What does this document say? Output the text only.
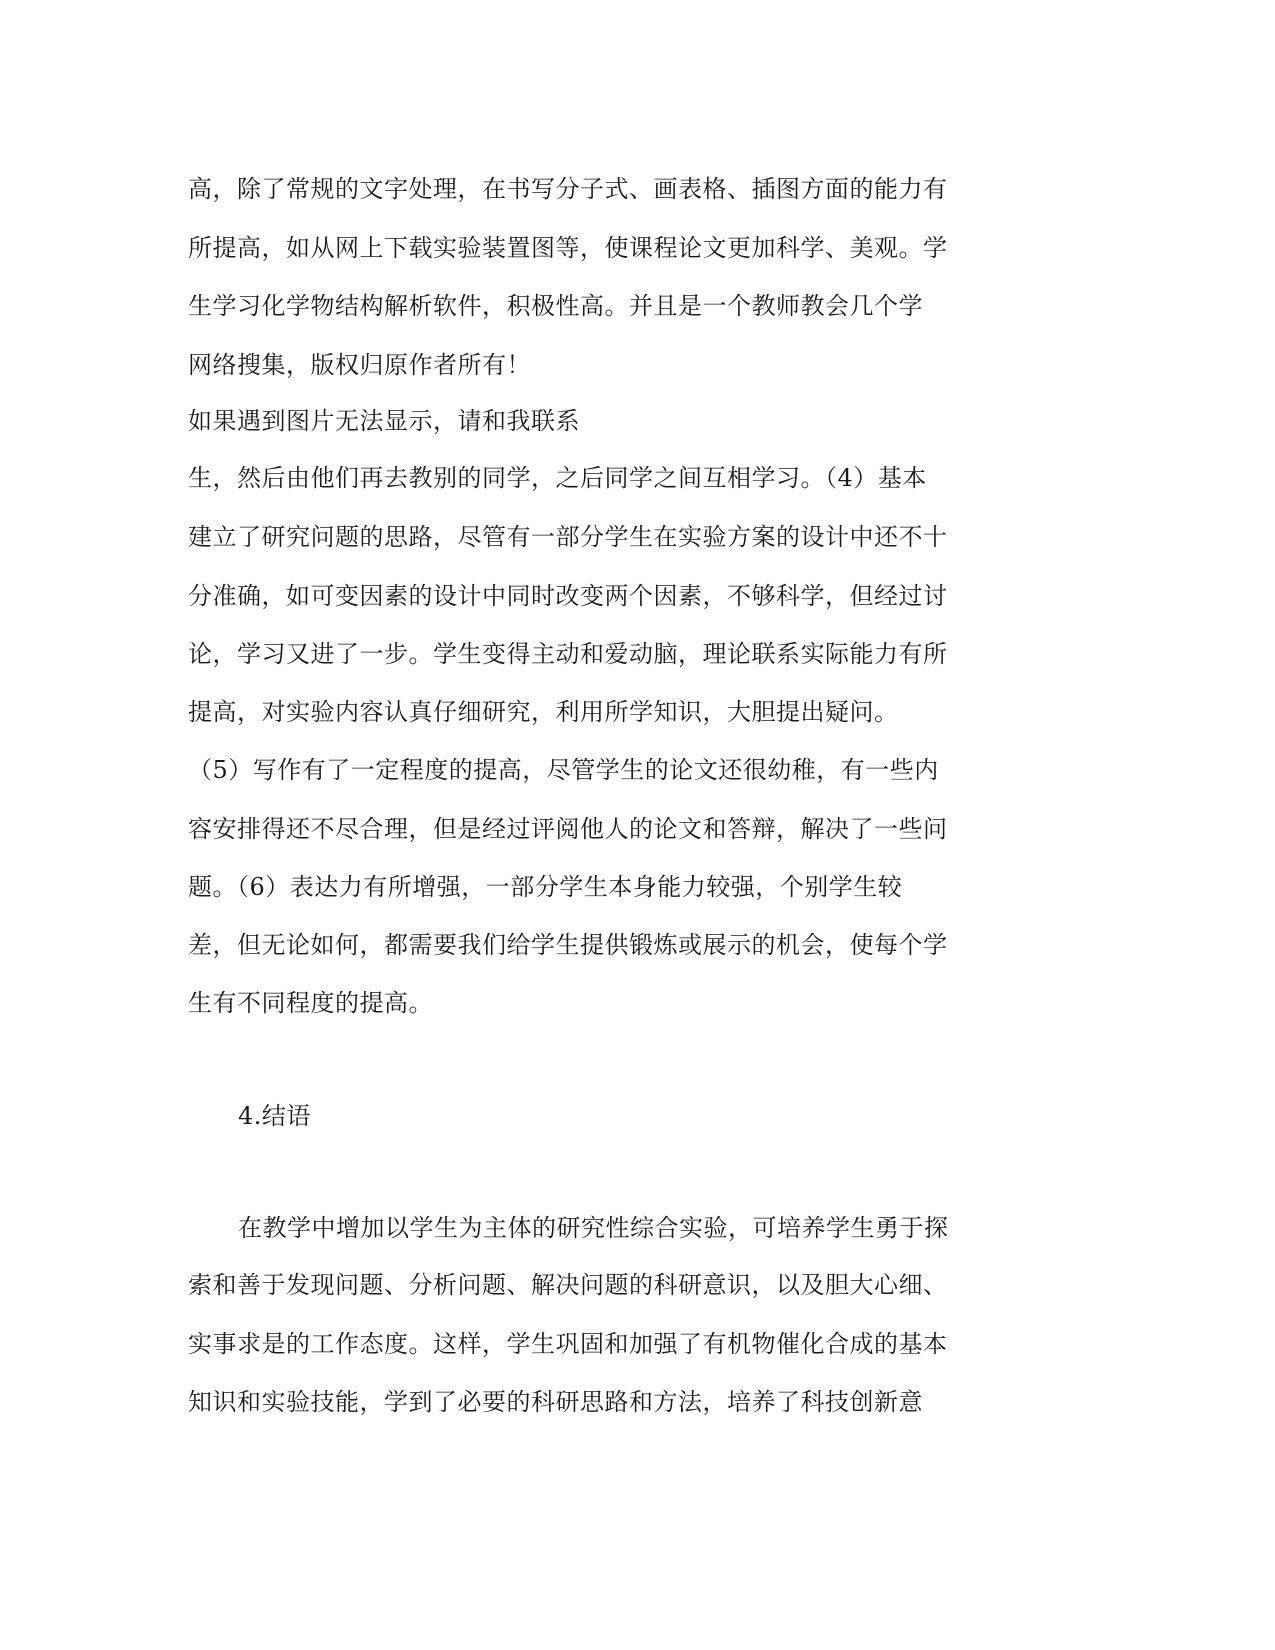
高，除了常规的文字处理，在书写分子式、画表格、插图方面的能力有
所提高，如从网上下载实验装置图等，使课程论文更加科学、美观。学
生学习化学物结构解析软件，积极性高。并且是一个教师教会几个学
网络搜集，版权归原作者所有！
如果遇到图片无法显示，请和我联系
生，然后由他们再去教别的同学，之后同学之间互相学习。（4）基本
建立了研究问题的思路，尽管有一部分学生在实验方案的设计中还不十
分准确，如可变因素的设计中同时改变两个因素，不够科学，但经过讨
论，学习又进了一步。学生变得主动和爱动脑，理论联系实际能力有所
提高，对实验内容认真仔细研究，利用所学知识，大胆提出疑问。
（5）写作有了一定程度的提高，尽管学生的论文还很幼稚，有一些内
容安排得还不尽合理，但是经过评阅他人的论文和答辩，解决了一些问
题。（6）表达力有所增强，一部分学生本身能力较强，个别学生较
差，但无论如何，都需要我们给学生提供锻炼或展示的机会，使每个学
生有不同程度的提高。
4.结语
在教学中增加以学生为主体的研究性综合实验，可培养学生勇于探
索和善于发现问题、分析问题、解决问题的科研意识，以及胆大心细、
实事求是的工作态度。这样，学生巩固和加强了有机物催化合成的基本
知识和实验技能，学到了必要的科研思路和方法，培养了科技创新意
